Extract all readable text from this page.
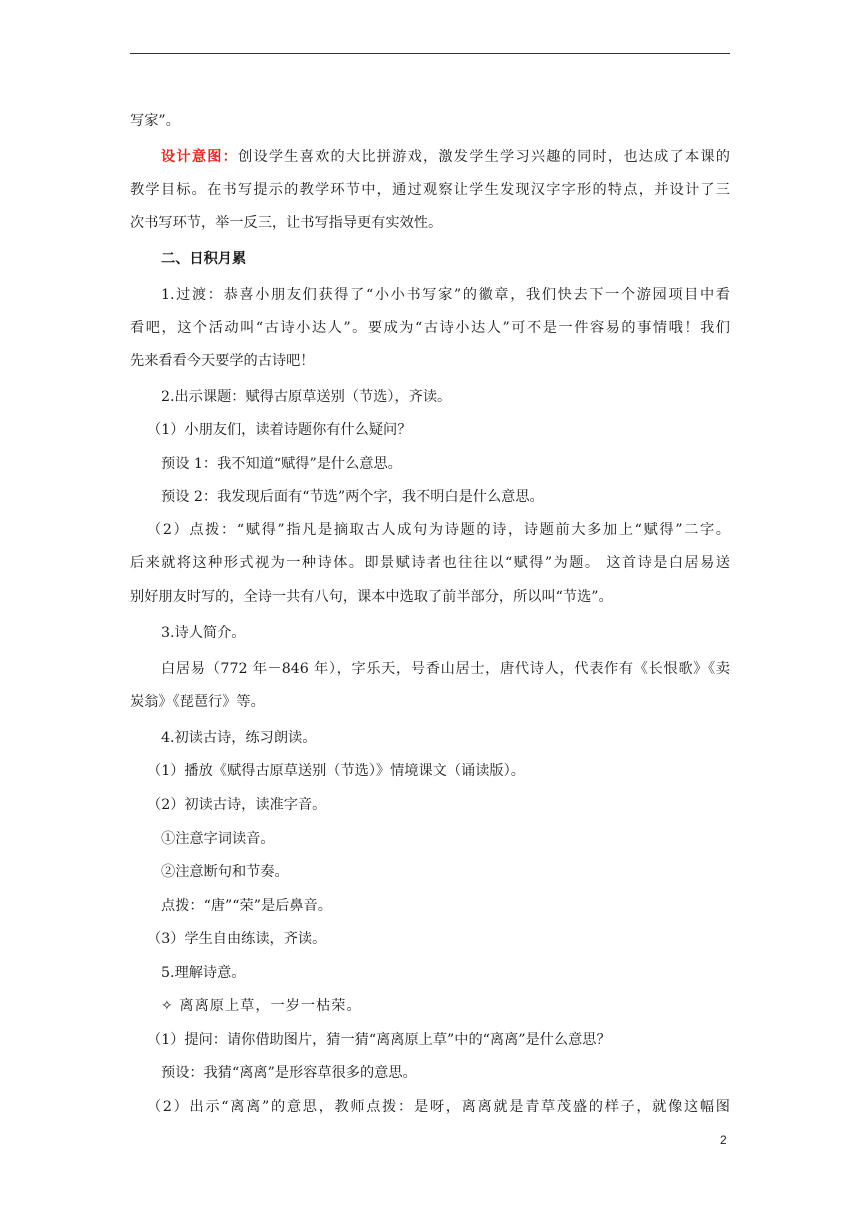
写家”。
设计意图：创设学生喜欢的大比拼游戏，激发学生学习兴趣的同时，也达成了本课的
教学目标。在书写提示的教学环节中，通过观察让学生发现汉字字形的特点，并设计了三
次书写环节，举一反三，让书写指导更有实效性。
二、日积月累
1.过渡：恭喜小朋友们获得了“小小书写家”的徽章，我们快去下一个游园项目中看
看吧，这个活动叫“古诗小达人”。要成为“古诗小达人”可不是一件容易的事情哦！我们
先来看看今天要学的古诗吧！
2.出示课题：赋得古原草送别（节选），齐读。
（1）小朋友们，读着诗题你有什么疑问？
预设 1：我不知道“赋得”是什么意思。
预设 2：我发现后面有“节选”两个字，我不明白是什么意思。
（2）点拨：“赋得”指凡是摘取古人成句为诗题的诗，诗题前大多加上“赋得”二字。
后来就将这种形式视为一种诗体。即景赋诗者也往往以“赋得”为题。 这首诗是白居易送
别好朋友时写的，全诗一共有八句，课本中选取了前半部分，所以叫“节选”。
3.诗人简介。
白居易（772 年－846 年），字乐天，号香山居士，唐代诗人，代表作有《长恨歌》《卖
炭翁》《琵琶行》等。
4.初读古诗，练习朗读。
（1）播放《赋得古原草送别（节选）》情境课文（诵读版）。
（2）初读古诗，读准字音。
①注意字词读音。
②注意断句和节奏。
点拨：“唐”“荣”是后鼻音。
（3）学生自由练读，齐读。
5.理解诗意。
✧ 离离原上草，一岁一枯荣。
（1）提问：请你借助图片，猜一猜“离离原上草”中的“离离”是什么意思？
预设：我猜“离离”是形容草很多的意思。
（2）出示“离离”的意思，教师点拨：是呀，离离就是青草茂盛的样子，就像这幅图
2
